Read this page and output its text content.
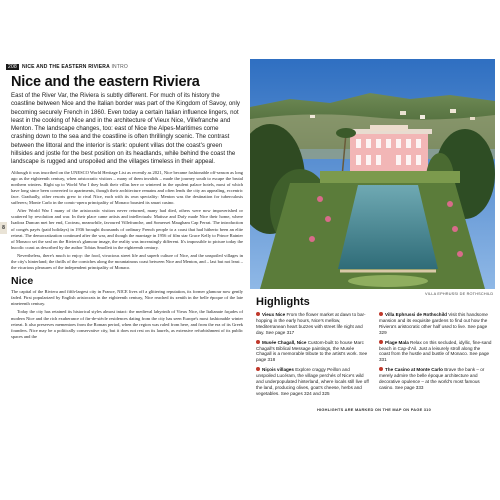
208 NICE AND THE EASTERN RIVIERA INTRO
8
Nice and the eastern Riviera

East of the River Var, the Riviera is subtly different. For much of its history the coastline between Nice and the Italian border was part of the Kingdom of Savoy, only becoming securely French in 1860. Even today a certain Italian influence lingers, not least in the cooking of Nice and in the architecture of Vieux Nice, Villefranche and Menton. The landscape changes, too: east of Nice the Alpes-Maritimes come crashing down to the sea and the coastline is often thrillingly scenic. The contrast between the littoral and the interior is stark: opulent villas dot the coast's green hillsides and jostle for the best position on its headlands, while behind the coast the landscape is rugged and unspoiled and the villages timeless in their appeal.

Although it was inscribed on the UNESCO World Heritage List as recently as 2021, Nice became fashionable off-season as long ago as the eighteenth century, when aristocratic visitors – many of them invalids – made the journey south to escape the brutal northern winters. Right up to World War I they built their villas here or wintered in the opulent palace hotels, most of which have long since been converted to apartments, though their architecture remains and often lends the city an appealing, eccentric face. Gradually, other resorts grew to rival Nice, each with its own speciality: Menton was the destination for tuberculosis sufferers; Monte Carlo in the comic-opera principality of Monaco boasted its smart casino.

After World War I many of the aristocratic visitors never returned, many had died, others were now impoverished or scattered by revolution and war. In their place came artists and intellectuals: Matisse and Dufy made Nice their home, where Isadora Duncan met her end, Cocteau, meanwhile, favoured Villefranche, and Somerset Maugham Cap Ferrat. The introduction of congés payés (paid holidays) in 1936 brought thousands of ordinary French people to a coast that had hitherto been an elite retreat. The democratization continued after the war, and though the marriage in 1956 of film star Grace Kelly to Prince Rainier of Monaco set the seal on the Riviera's glamour image, the reality was increasingly different. It's impossible to picture today the bucolic coast as described by the author Tobias Smollett in the eighteenth century.

Nevertheless, there's much to enjoy: the food, vivacious street life and superb culture of Nice, and the unspoiled villages in the city's hinterland; the thrills of the corniches along the mountainous coast between Nice and Menton, and – last but not least – the vicarious pleasures of the independent principality of Monaco.

Nice

The capital of the Riviera and fifth-largest city in France, NICE lives off a glittering reputation, its former glamour now gently faded. First popularized by English aristocrats in the eighteenth century, Nice reached its zenith in the belle époque of the late nineteenth century.

Today the city has retained its historical styles almost intact: the medieval labyrinth of Vieux Nice, the Italianate façades of modern Nice and the rich exuberance of fin-de-siècle residences dating from the city has seen Europe's most fashionable winter retreat. It also preserves mementoes from the Roman period, when the region was ruled from here, and from the era of its Greek founders. Nice may be a politically conservative city, but it does not rest on its laurels, as extensive refurbishment of its public spaces and the

VILLA EPHRUSSI DE ROTHSCHILD
Highlights
Vieux Nice From the flower market at dawn to bar-hopping in the early hours, Nice's mellow, Mediterranean heart buzzes with street life night and day. See page 317
Villa Ephrussi de Rothschild Visit this handsome mansion and its exquisite gardens to find out how the Riviera's aristocratic other half used to live. See page 329
Musée Chagall, Nice Custom-built to house Marc Chagall's Biblical Message paintings, the Musée Chagall is a memorable tribute to the artist's work. See page 318
Plage Mala Relax on this secluded, idyllic, fine-sand beach in Cap-d'Ail. Just a leisurely stroll along the coast from the hustle and bustle of Monaco. See page 331
Niçois villages Explore craggy Peillon and unspoiled Lucéram, the village perchés of Nice's wild and underpopulated hinterland, where locals still live off the land, producing olives, goat's cheese, herbs and vegetables. See pages 324 and 325
The Casino at Monte Carlo Brave the bank – or merely admire the belle époque architecture and decorative opulence – at the world's most famous casino. See page 333
HIGHLIGHTS ARE MARKED ON THE MAP ON PAGE 310
